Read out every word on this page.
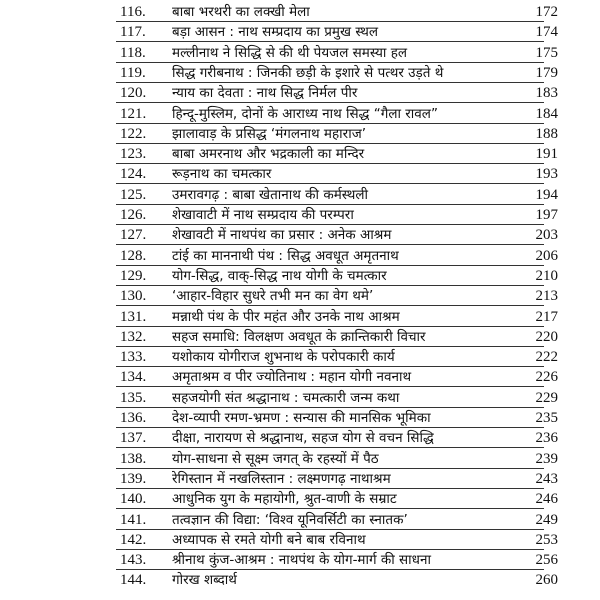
116.	बाबा भरथरी का लक्खी मेला	172
117.	बड़ा आसन : नाथ सम्प्रदाय का प्रमुख स्थल	174
118.	मल्लीनाथ ने सिद्धि से की थी पेयजल समस्या हल	175
119.	सिद्ध गरीबनाथ : जिनकी छड़ी के इशारे से पत्थर उड़ते थे	179
120.	न्याय का देवता : नाथ सिद्ध निर्मल पीर	183
121.	हिन्दू-मुस्लिम, दोनों के आराध्य नाथ सिद्ध “गैला रावल”	184
122.	झालावाड़ के प्रसिद्ध ‘मंगलनाथ महाराज’	188
123.	बाबा अमरनाथ और भद्रकाली का मन्दिर	191
124.	रूड़नाथ का चमत्कार	193
125.	उमरावगढ़ : बाबा खेतानाथ की कर्मस्थली	194
126.	शेखावाटी में नाथ सम्प्रदाय की परम्परा	197
127.	शेखावटी में नाथपंथ का प्रसार : अनेक आश्रम	203
128.	टांई का माननाथी पंथ : सिद्ध अवधूत अमृतनाथ	206
129.	योग-सिद्ध, वाक्-सिद्ध नाथ योगी के चमत्कार	210
130.	‘आहार-विहार सुधरे तभी मन का वेग थमे’	213
131.	मन्नाथी पंथ के पीर महंत और उनके नाथ आश्रम	217
132.	सहज समाधि: विलक्षण अवधूत के क्रान्तिकारी विचार	220
133.	यशोकाय योगीराज शुभनाथ के परोपकारी कार्य	222
134.	अमृताश्रम व पीर ज्योतिनाथ : महान योगी नवनाथ	226
135.	सहजयोगी संत श्रद्धानाथ : चमत्कारी जन्म कथा	229
136.	देश-व्यापी रमण-भ्रमण : सन्यास की मानसिक भूमिका	235
137.	दीक्षा, नारायण से श्रद्धानाथ, सहज योग से वचन सिद्धि	236
138.	योग-साधना से सूक्ष्म जगत् के रहस्यों में पैठ	239
139.	रेगिस्तान में नखलिस्तान : लक्ष्मणगढ़ नाथाश्रम	243
140.	आधुनिक युग के महायोगी, श्रुत-वाणी के सम्राट	246
141.	तत्वज्ञान की विद्या: ‘विश्व यूनिवर्सिटी का स्नातक’	249
142.	अध्यापक से रमते योगी बने बाब रविनाथ	253
143.	श्रीनाथ कुंज-आश्रम : नाथपंथ के योग-मार्ग की साधना	256
144.	गोरख शब्दार्थ	260
